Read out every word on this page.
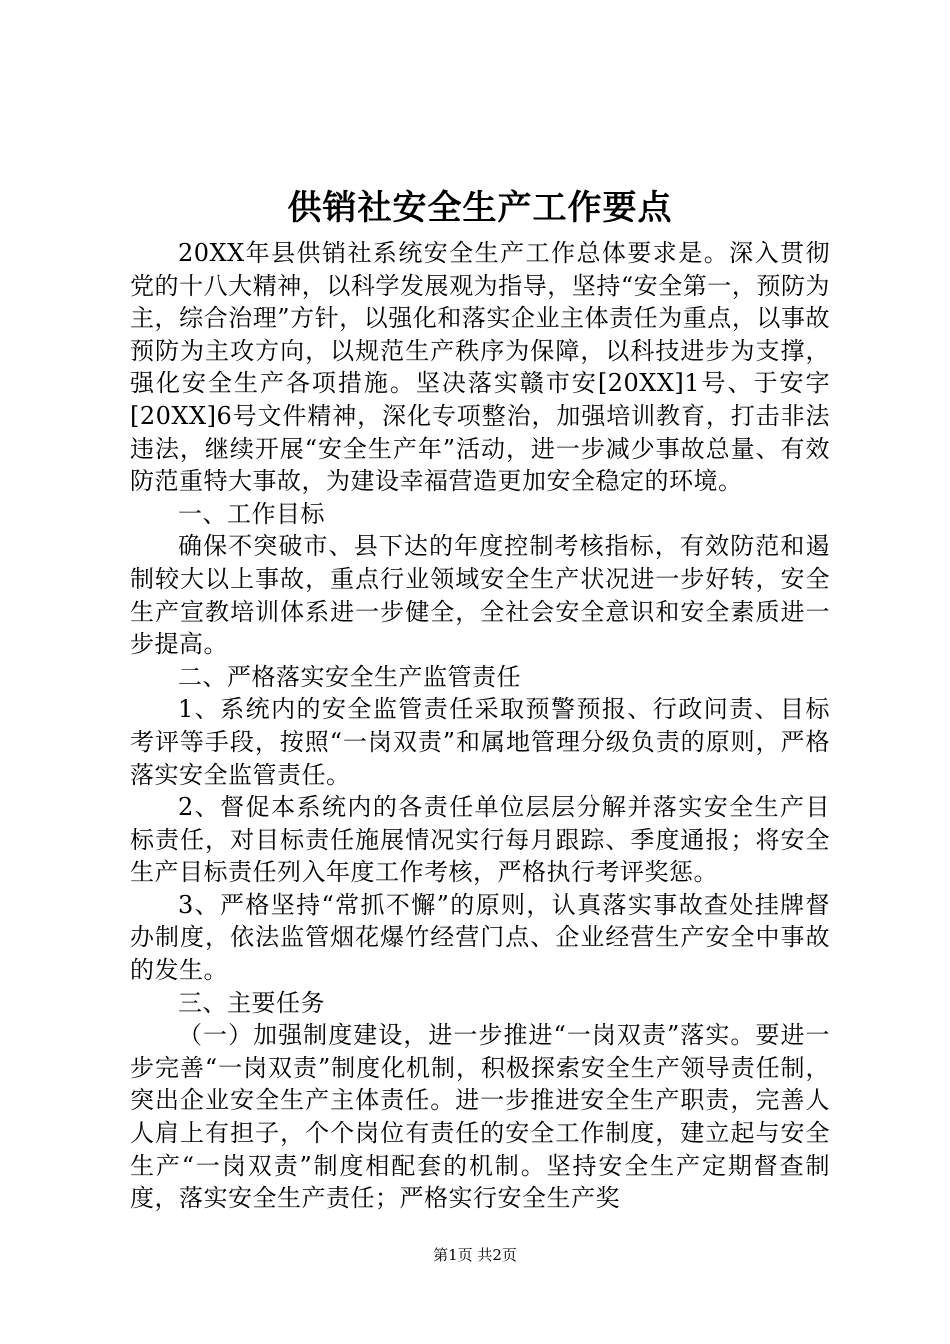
供销社安全生产工作要点

20XX年县供销社系统安全生产工作总体要求是。深入贯彻党的十八大精神，以科学发展观为指导，坚持“安全第一，预防为主，综合治理”方针，以强化和落实企业主体责任为重点，以事故预防为主攻方向，以规范生产秩序为保障，以科技进步为支撑，强化安全生产各项措施。坚决落实赣市安[20XX]1号、于安字[20XX]6号文件精神，深化专项整治，加强培训教育，打击非法违法，继续开展“安全生产年”活动，进一步减少事故总量、有效防范重特大事故，为建设幸福营造更加安全稳定的环境。

一、工作目标

确保不突破市、县下达的年度控制考核指标，有效防范和遏制较大以上事故，重点行业领域安全生产状况进一步好转，安全生产宣教培训体系进一步健全，全社会安全意识和安全素质进一步提高。

二、严格落实安全生产监管责任

1、系统内的安全监管责任采取预警预报、行政问责、目标考评等手段，按照“一岗双责”和属地管理分级负责的原则，严格落实安全监管责任。

2、督促本系统内的各责任单位层层分解并落实安全生产目标责任，对目标责任施展情况实行每月跟踪、季度通报；将安全生产目标责任列入年度工作考核，严格执行考评奖惩。

3、严格坚持“常抓不懈”的原则，认真落实事故查处挂牌督办制度，依法监管烟花爆竹经营门点、企业经营生产安全中事故的发生。

三、主要任务

（一）加强制度建设，进一步推进“一岗双责”落实。要进一步完善“一岗双责”制度化机制，积极探索安全生产领导责任制，突出企业安全生产主体责任。进一步推进安全生产职责，完善人人肩上有担子，个个岗位有责任的安全工作制度，建立起与安全生产“一岗双责”制度相配套的机制。坚持安全生产定期督查制度，落实安全生产责任；严格实行安全生产奖

第1页 共2页
